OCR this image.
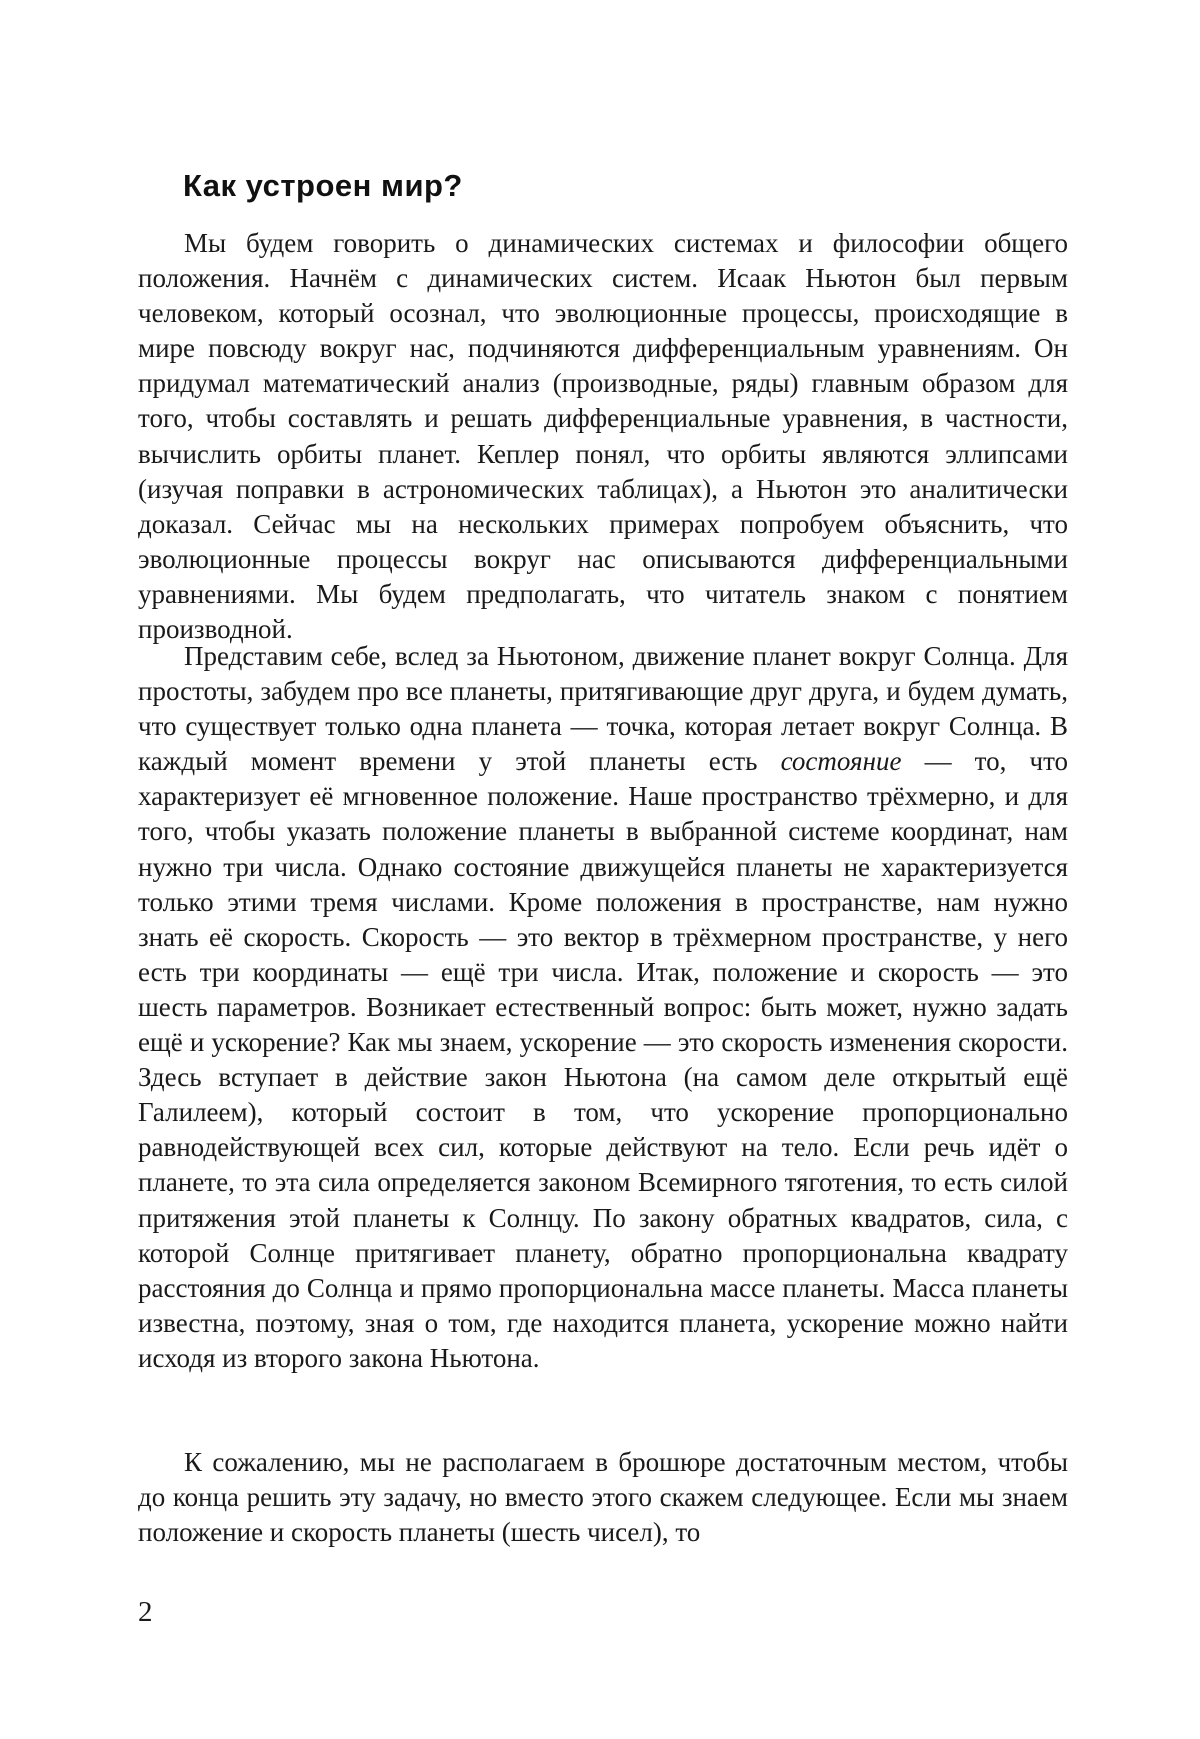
Как устроен мир?

Мы будем говорить о динамических системах и философии общего положения. Начнём с динамических систем. Исаак Ньютон был первым человеком, который осознал, что эволюционные процессы, происходящие в мире повсюду вокруг нас, подчиняются дифференциальным уравнениям. Он придумал математический анализ (производные, ряды) главным образом для того, чтобы составлять и решать дифференциальные уравнения, в частности, вычислить орбиты планет. Кеплер понял, что орбиты являются эллипсами (изучая поправки в астрономических таблицах), а Ньютон это аналитически доказал. Сейчас мы на нескольких примерах попробуем объяснить, что эволюционные процессы вокруг нас описываются дифференциальными уравнениями. Мы будем предполагать, что читатель знаком с понятием производной.

Представим себе, вслед за Ньютоном, движение планет вокруг Солнца. Для простоты, забудем про все планеты, притягивающие друг друга, и будем думать, что существует только одна планета — точка, которая летает вокруг Солнца. В каждый момент времени у этой планеты есть состояние — то, что характеризует её мгновенное положение. Наше пространство трёхмерно, и для того, чтобы указать положение планеты в выбранной системе координат, нам нужно три числа. Однако состояние движущейся планеты не характеризуется только этими тремя числами. Кроме положения в пространстве, нам нужно знать её скорость. Скорость — это вектор в трёхмерном пространстве, у него есть три координаты — ещё три числа. Итак, положение и скорость — это шесть параметров. Возникает естественный вопрос: быть может, нужно задать ещё и ускорение? Как мы знаем, ускорение — это скорость изменения скорости. Здесь вступает в действие закон Ньютона (на самом деле открытый ещё Галилеем), который состоит в том, что ускорение пропорционально равнодействующей всех сил, которые действуют на тело. Если речь идёт о планете, то эта сила определяется законом Всемирного тяготения, то есть силой притяжения этой планеты к Солнцу. По закону обратных квадратов, сила, с которой Солнце притягивает планету, обратно пропорциональна квадрату расстояния до Солнца и прямо пропорциональна массе планеты. Масса планеты известна, поэтому, зная о том, где находится планета, ускорение можно найти исходя из второго закона Ньютона.

К сожалению, мы не располагаем в брошюре достаточным местом, чтобы до конца решить эту задачу, но вместо этого скажем следующее. Если мы знаем положение и скорость планеты (шесть чисел), то

2
